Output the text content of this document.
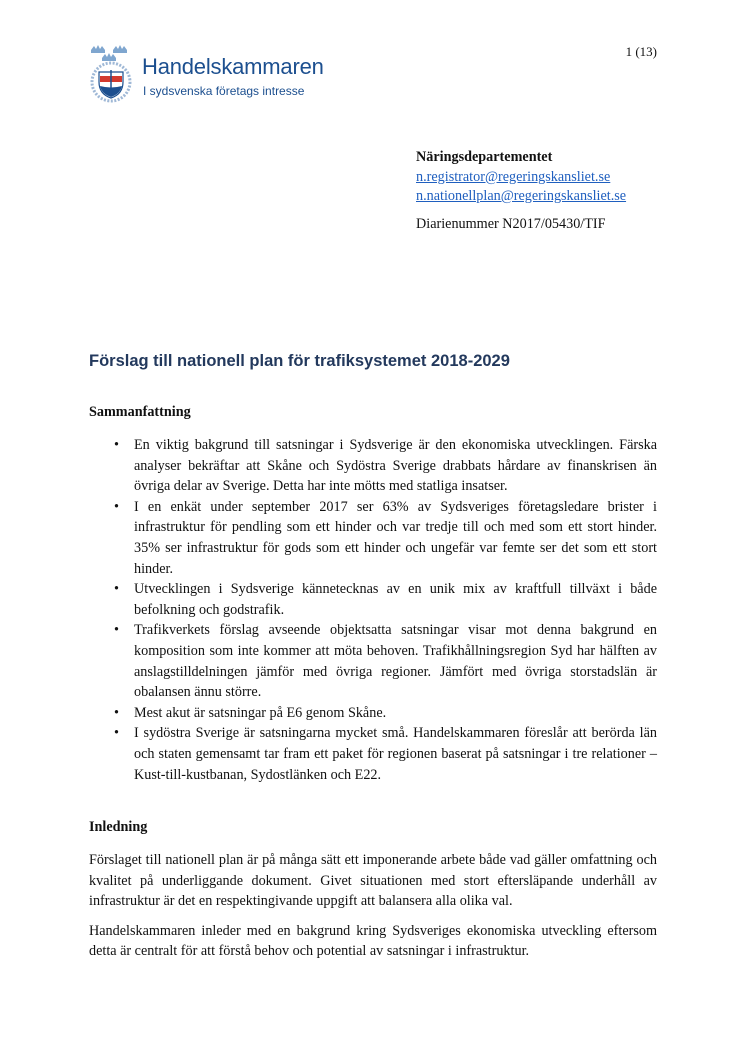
1 (13)
Handelskammaren
I sydsvenska företags intresse
Näringsdepartementet
n.registrator@regeringskansliet.se
n.nationellplan@regeringskansliet.se
Diarienummer N2017/05430/TIF
Förslag till nationell plan för trafiksystemet 2018-2029
Sammanfattning
• En viktig bakgrund till satsningar i Sydsverige är den ekonomiska utvecklingen. Färska analyser bekräftar att Skåne och Sydöstra Sverige drabbats hårdare av finanskrisen än övriga delar av Sverige. Detta har inte mötts med statliga insatser.
• I en enkät under september 2017 ser 63% av Sydsveriges företagsledare brister i infrastruktur för pendling som ett hinder och var tredje till och med som ett stort hinder. 35% ser infrastruktur för gods som ett hinder och ungefär var femte ser det som ett stort hinder.
• Utvecklingen i Sydsverige kännetecknas av en unik mix av kraftfull tillväxt i både befolkning och godstrafik.
• Trafikverkets förslag avseende objektsatta satsningar visar mot denna bakgrund en komposition som inte kommer att möta behoven. Trafikhållningsregion Syd har hälften av anslagstilldelningen jämför med övriga regioner. Jämfört med övriga storstadslän är obalansen ännu större.
• Mest akut är satsningar på E6 genom Skåne.
• I sydöstra Sverige är satsningarna mycket små. Handelskammaren föreslår att berörda län och staten gemensamt tar fram ett paket för regionen baserat på satsningar i tre relationer – Kust-till-kustbanan, Sydostlänken och E22.
Inledning

Förslaget till nationell plan är på många sätt ett imponerande arbete både vad gäller omfattning och kvalitet på underliggande dokument. Givet situationen med stort eftersläpande underhåll av infrastruktur är det en respektingivande uppgift att balansera alla olika val.

Handelskammaren inleder med en bakgrund kring Sydsveriges ekonomiska utveckling eftersom detta är centralt för att förstå behov och potential av satsningar i infrastruktur.
